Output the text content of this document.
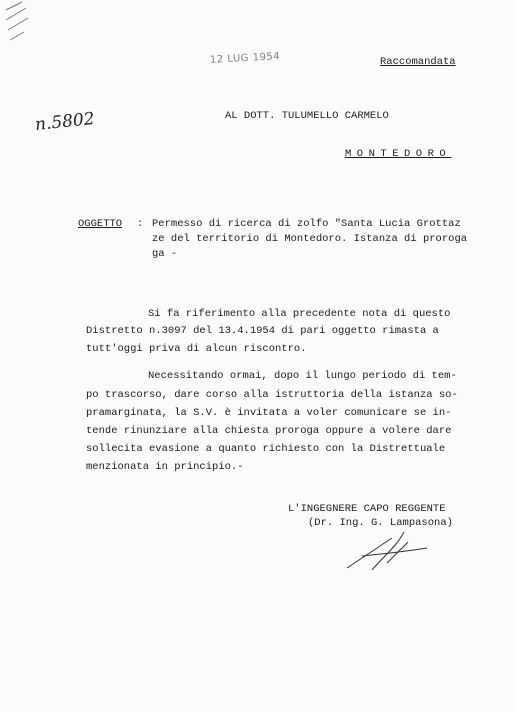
12 LUG 1954	Raccomandata
n.5802	AL DOTT. TULUMELLO CARMELO
MONTEDORO
OGGETTO : Permesso di ricerca di zolfo "Santa Lucia Grottaz
ze del territorio di Montedoro. Istanza di proroga
ga -
Si fa riferimento alla precedente nota di questo
Distretto n.3097 del 13.4.1954 di pari oggetto rimasta a
tutt'oggi priva di alcun riscontro.
Necessitando ormai, dopo il lungo periodo di tem-
po trascorso, dare corso alla istruttoria della istanza so-
pramarginata, la S.V. è invitata a voler comunicare se in-
tende rinunziare alla chiesta proroga oppure a volere dare
sollecita evasione a quanto richiesto con la Distrettuale
menzionata in principio.-
L'INGEGNERE CAPO REGGENTE
(Dr. Ing. G. Lampasona)
